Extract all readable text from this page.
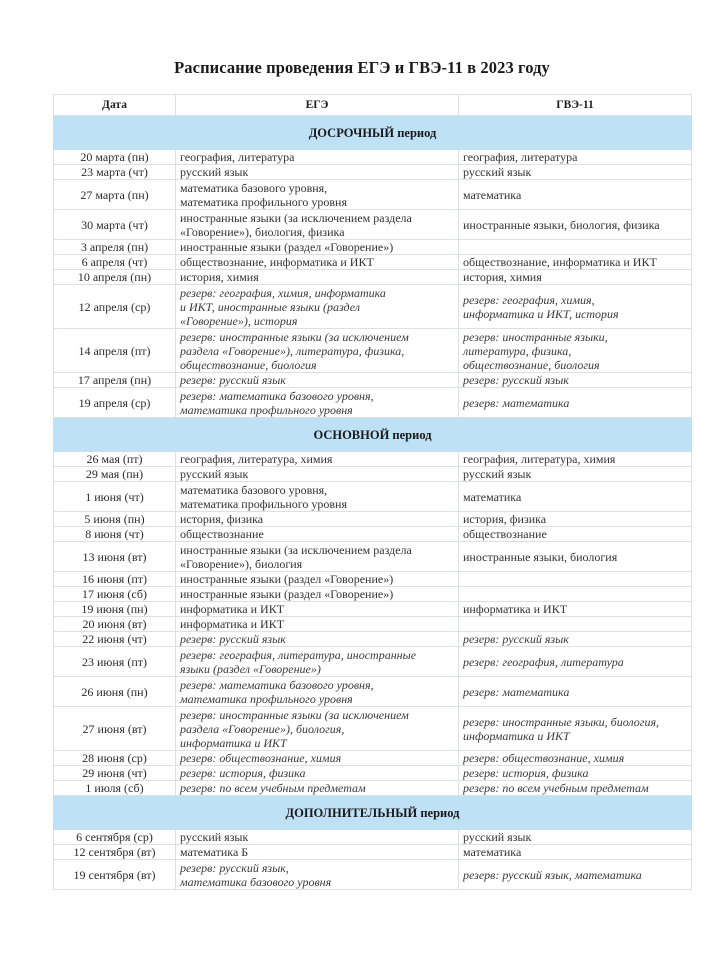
Расписание проведения ЕГЭ и ГВЭ-11 в 2023 году
Дата	ЕГЭ	ГВЭ-11
ДОСРОЧНЫЙ период		
20 марта (пн)	география, литература	география, литература
23 марта (чт)	русский язык	русский язык
27 марта (пн)	математика базового уровня,
математика профильного уровня	математика
30 марта (чт)	иностранные языки (за исключением раздела
«Говорение»), биология, физика	иностранные языки, биология, физика
3 апреля (пн)	иностранные языки (раздел «Говорение»)	
6 апреля (чт)	обществознание, информатика и ИКТ	обществознание, информатика и ИКТ
10 апреля (пн)	история, химия	история, химия
12 апреля (ср)	резерв: география, химия, информатика
и ИКТ, иностранные языки (раздел
«Говорение»), история	резерв: география, химия,
информатика и ИКТ, история
14 апреля (пт)	резерв: иностранные языки (за исключением
раздела «Говорение»), литература, физика,
обществознание, биология	резерв: иностранные языки,
литература, физика,
обществознание, биология
17 апреля (пн)	резерв: русский язык	резерв: русский язык
19 апреля (ср)	резерв: математика базового уровня,
математика профильного уровня	резерв: математика
ОСНОВНОЙ период		
26 мая (пт)	география, литература, химия	география, литература, химия
29 мая (пн)	русский язык	русский язык
1 июня (чт)	математика базового уровня,
математика профильного уровня	математика
5 июня (пн)	история, физика	история, физика
8 июня (чт)	обществознание	обществознание
13 июня (вт)	иностранные языки (за исключением раздела
«Говорение»), биология	иностранные языки, биология
16 июня (пт)	иностранные языки (раздел «Говорение»)	
17 июня (сб)	иностранные языки (раздел «Говорение»)	
19 июня (пн)	информатика и ИКТ	информатика и ИКТ
20 июня (вт)	информатика и ИКТ	
22 июня (чт)	резерв: русский язык	резерв: русский язык
23 июня (пт)	резерв: география, литература, иностранные
языки (раздел «Говорение»)	резерв: география, литература
26 июня (пн)	резерв: математика базового уровня,
математика профильного уровня	резерв: математика
27 июня (вт)	резерв: иностранные языки (за исключением
раздела «Говорение»), биология,
информатика и ИКТ	резерв: иностранные языки, биология,
информатика и ИКТ
28 июня (ср)	резерв: обществознание, химия	резерв: обществознание, химия
29 июня (чт)	резерв: история, физика	резерв: история, физика
1 июля (сб)	резерв: по всем учебным предметам	резерв: по всем учебным предметам
ДОПОЛНИТЕЛЬНЫЙ период		
6 сентября (ср)	русский язык	русский язык
12 сентября (вт)	математика Б	математика
19 сентября (вт)	резерв: русский язык,
математика базового уровня	резерв: русский язык, математика
